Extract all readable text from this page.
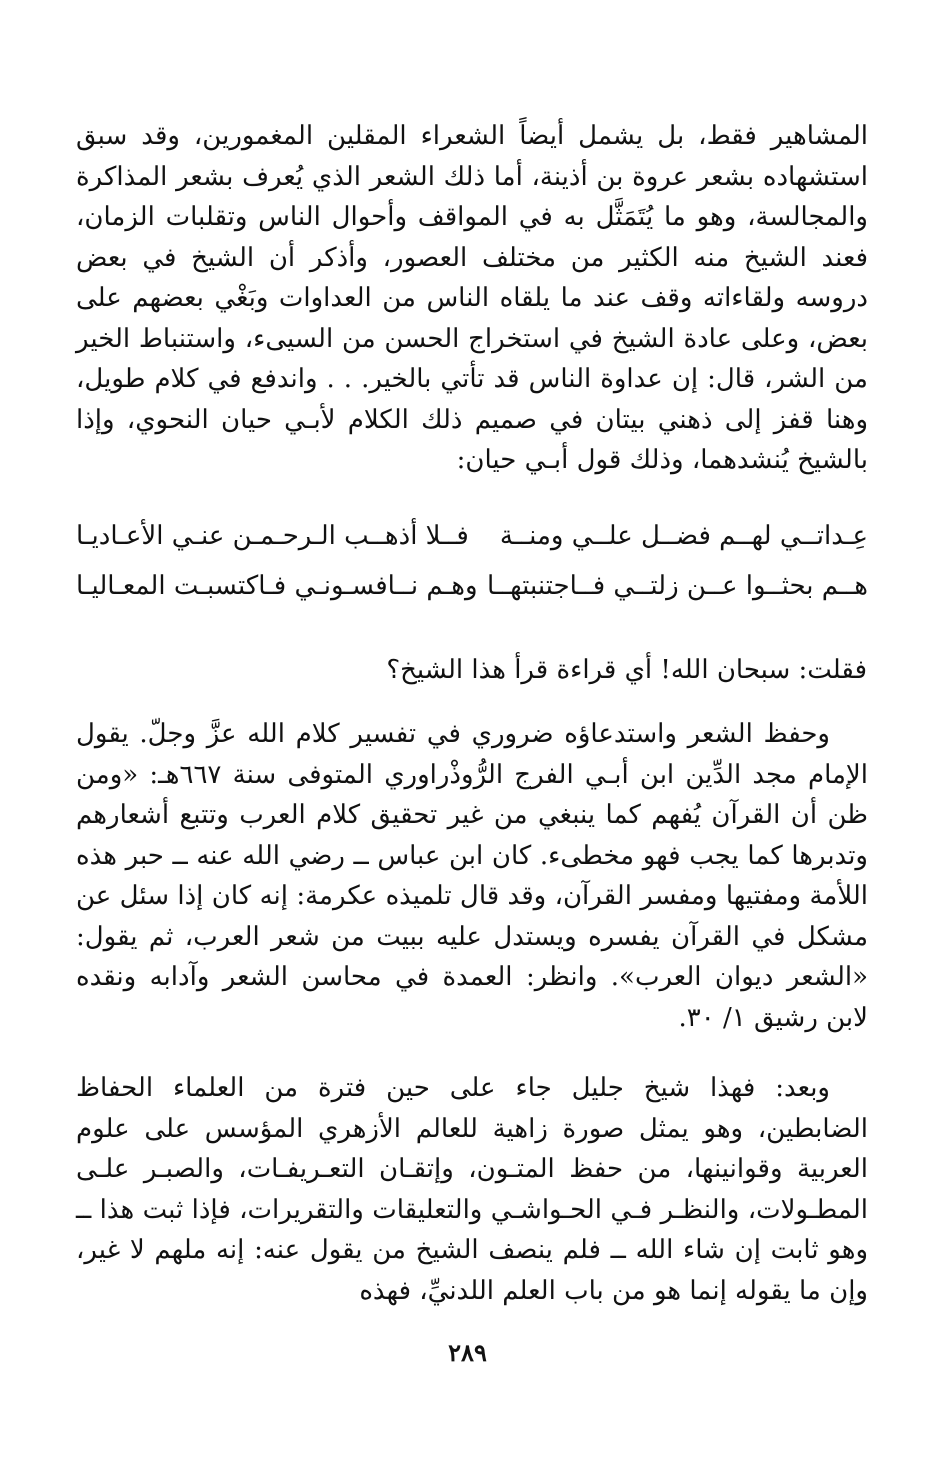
المشاهير فقط، بل يشمل أيضاً الشعراء المقلين المغمورين، وقد سبق استشهاده بشعر عروة بن أذينة، أما ذلك الشعر الذي يُعرف بشعر المذاكرة والمجالسة، وهو ما يُتَمَثَّل به في المواقف وأحوال الناس وتقلبات الزمان، فعند الشيخ منه الكثير من مختلف العصور، وأذكر أن الشيخ في بعض دروسه ولقاءاته وقف عند ما يلقاه الناس من العداوات وبَغْي بعضهم على بعض، وعلى عادة الشيخ في استخراج الحسن من السيىء، واستنباط الخير من الشر، قال: إن عداوة الناس قد تأتي بالخير. . . واندفع في كلام طويل، وهنا قفز إلى ذهني بيتان في صميم ذلك الكلام لأبـي حيان النحوي، وإذا بالشيخ يُنشدهما، وذلك قول أبـي حيان:
عِـداتــي لهــم فضــل علــي ومنــة
فــلا أذهــب الـرحـمـن عنـي الأعـاديـا
هــم بحثــوا عــن زلتــي فــاجتنبتهــا
وهـم نــافسـونـي فـاكتسبـت المعـاليـا
فقلت: سبحان الله! أي قراءة قرأ هذا الشيخ؟
وحفظ الشعر واستدعاؤه ضروري في تفسير كلام الله عزَّ وجلّ. يقول الإمام مجد الدِّين ابن أبـي الفرج الرُّوذْراوري المتوفى سنة ٦٦٧هـ: «ومن ظن أن القرآن يُفهم كما ينبغي من غير تحقيق كلام العرب وتتبع أشعارهم وتدبرها كما يجب فهو مخطىء. كان ابن عباس ــ رضي الله عنه ــ حبر هذه اللأمة ومفتيها ومفسر القرآن، وقد قال تلميذه عكرمة: إنه كان إذا سئل عن مشكل في القرآن يفسره ويستدل عليه ببيت من شعر العرب، ثم يقول: «الشعر ديوان العرب». وانظر: العمدة في محاسن الشعر وآدابه ونقده لابن رشيق ١/ ٣٠.
وبعد: فهذا شيخ جليل جاء على حين فترة من العلماء الحفاظ الضابطين، وهو يمثل صورة زاهية للعالم الأزهري المؤسس على علوم العربية وقوانينها، من حفظ المتـون، وإتقـان التعـريفـات، والصبـر علـى المطـولات، والنظـر فـي الحـواشـي والتعليقات والتقريرات، فإذا ثبت هذا ــ وهو ثابت إن شاء الله ــ فلم ينصف الشيخ من يقول عنه: إنه ملهم لا غير، وإن ما يقوله إنما هو من باب العلم اللدنيِّ، فهذه
٢٨٩
